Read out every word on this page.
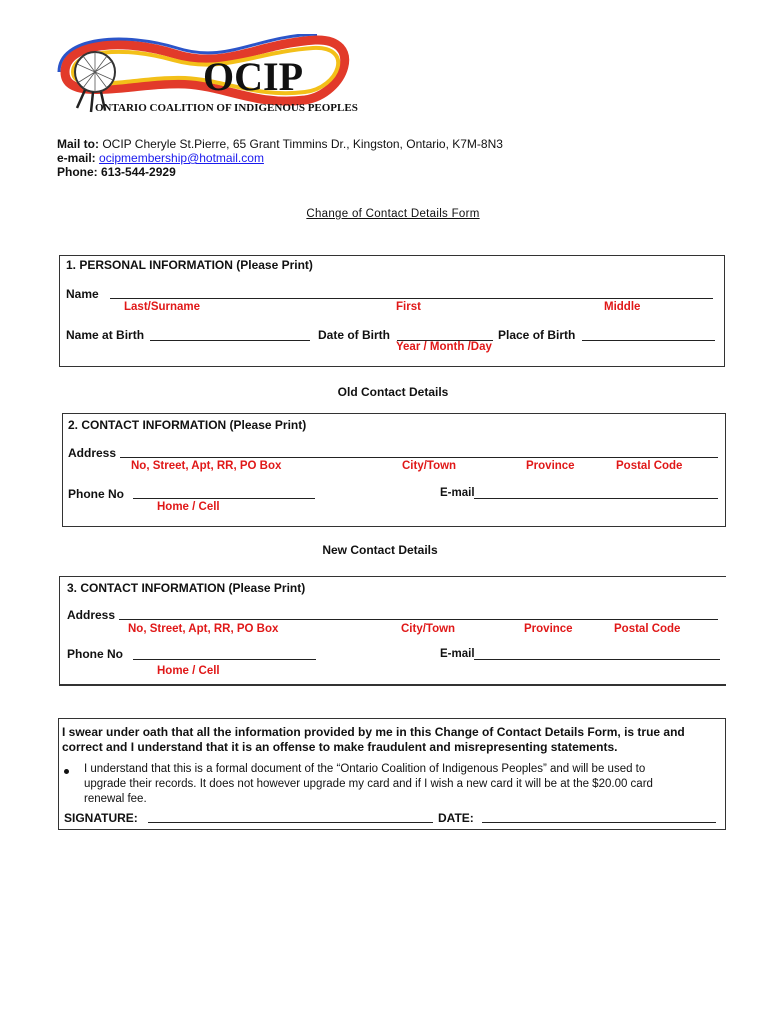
OCIP
ONTARIO COALITION OF INDIGENOUS PEOPLES
Mail to: OCIP Cheryle St.Pierre, 65 Grant Timmins Dr., Kingston, Ontario, K7M-8N3
e-mail: ocipmembership@hotmail.com
Phone: 613-544-2929
Change of Contact Details Form
1. PERSONAL INFORMATION (Please Print)
Name
Last/Surname	First	Middle
Name at Birth	Date of Birth
Year / Month /Day
Place of Birth
Old Contact Details
2. CONTACT INFORMATION (Please Print)
Address
No, Street, Apt, RR, PO Box	City/Town	Province	Postal Code
Phone No
Home / Cell
E-mail
New Contact Details
3. CONTACT INFORMATION (Please Print)
Address
No, Street, Apt, RR, PO Box	City/Town	Province	Postal Code
Phone No
Home / Cell
E-mail
I swear under oath that all the information provided by me in this Change of Contact Details Form, is true and
correct and I understand that it is an offense to make fraudulent and misrepresenting statements.
I understand that this is a formal document of the “Ontario Coalition of Indigenous Peoples” and will be used to
upgrade their records. It does not however upgrade my card and if I wish a new card it will be at the $20.00 card
renewal fee.
SIGNATURE:	DATE:
